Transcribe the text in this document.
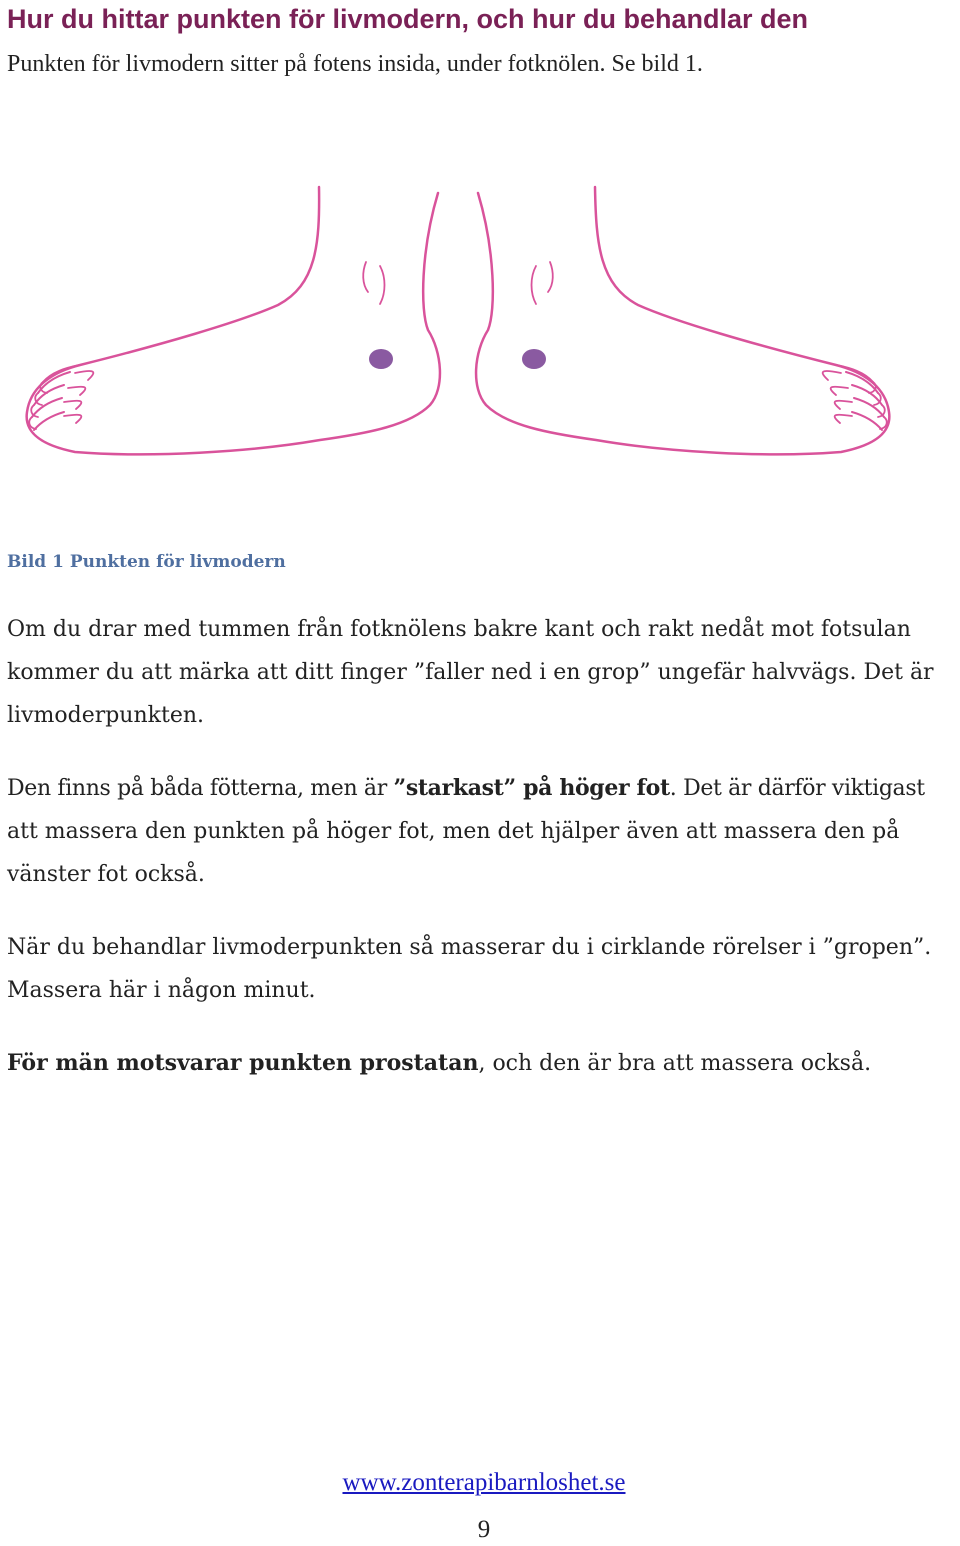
Hur du hittar punkten för livmodern, och hur du behandlar den

Punkten för livmodern sitter på fotens insida, under fotknölen. Se bild 1.

Bild 1 Punkten för livmodern

Om du drar med tummen från fotknölens bakre kant och rakt nedåt mot fotsulan kommer du att märka att ditt finger ”faller ned i en grop” ungefär halvvägs. Det är livmoderpunkten.

Den finns på båda fötterna, men är ”starkast” på höger fot. Det är därför viktigast
att massera den punkten på höger fot, men det hjälper även att massera den på vänster fot också.

När du behandlar livmoderpunkten så masserar du i cirklande rörelser i ”gropen”. Massera här i någon minut.

För män motsvarar punkten prostatan, och den är bra att massera också.

www.zonterapibarnloshet.se
9
